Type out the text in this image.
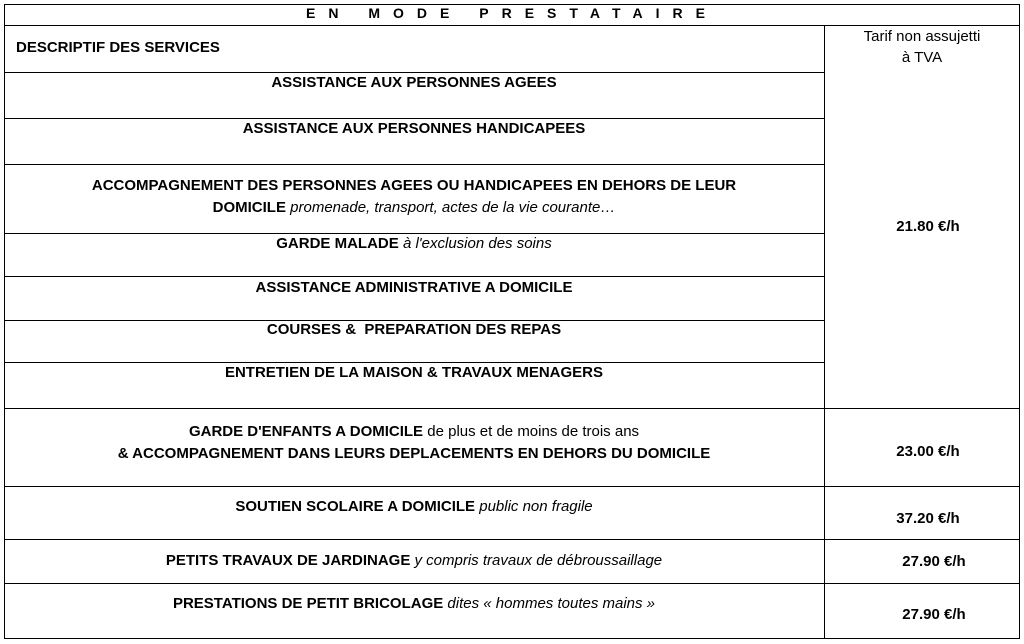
EN MODE PRESTATAIRE
DESCRIPTIF DES SERVICES
Tarif non assujetti
à TVA
ASSISTANCE AUX PERSONNES AGEES
ASSISTANCE AUX PERSONNES HANDICAPEES
ACCOMPAGNEMENT DES PERSONNES AGEES OU HANDICAPEES EN DEHORS DE LEUR
DOMICILE promenade, transport, actes de la vie courante…
GARDE MALADE à l'exclusion des soins
ASSISTANCE ADMINISTRATIVE A DOMICILE
COURSES &  PREPARATION DES REPAS
ENTRETIEN DE LA MAISON & TRAVAUX MENAGERS
GARDE D'ENFANTS A DOMICILE de plus et de moins de trois ans
& ACCOMPAGNEMENT DANS LEURS DEPLACEMENTS EN DEHORS DU DOMICILE
SOUTIEN SCOLAIRE A DOMICILE public non fragile
PETITS TRAVAUX DE JARDINAGE y compris travaux de débroussaillage
PRESTATIONS DE PETIT BRICOLAGE dites « hommes toutes mains »
21.80 €/h
23.00 €/h
37.20 €/h
27.90 €/h
27.90 €/h
